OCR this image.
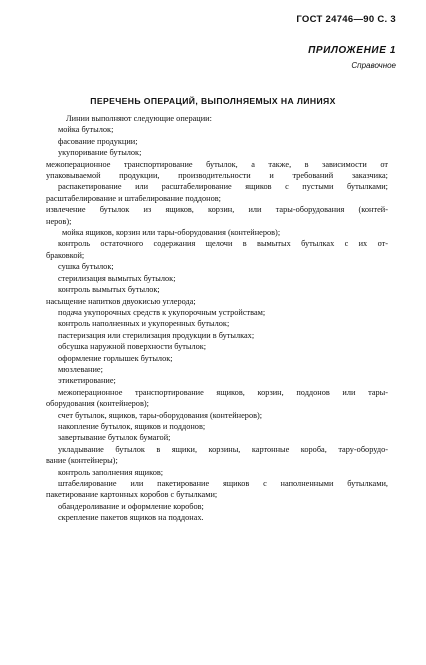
ГОСТ 24746—90 С. 3
ПРИЛОЖЕНИЕ 1
Справочное
ПЕРЕЧЕНЬ ОПЕРАЦИЙ, ВЫПОЛНЯЕМЫХ НА ЛИНИЯХ
Линии выполняют следующие операции:
мойка бутылок;
фасование продукции;
укупоривание бутылок;
межоперационное транспортирование бутылок, а также, в зависимости от
упаковываемой продукции, производительности и требований заказчика;
распакетирование или расштабелирование ящиков с пустыми бутылками;
расштабелирование и штабелирование поддонов;
извлечение бутылок из ящиков, корзин, или тары-оборудования (контей-
неров);
мойка ящиков, корзин или тары-оборудования (контейнеров);
контроль остаточного содержания щелочи в вымытых бутылках с их от-
браковкой;
сушка бутылок;
стерилизация вымытых бутылок;
контроль вымытых бутылок;
насыщение напитков двуокисью углерода;
подача укупорочных средств к укупорочным устройствам;
контроль наполненных и укупоренных бутылок;
пастеризация или стерилизация продукции в бутылках;
обсушка наружной поверхности бутылок;
оформление горлышек бутылок;
мюзлевание;
этикетирование;
межоперационное транспортирование ящиков, корзин, поддонов или тары-
оборудования (контейнеров);
счет бутылок, ящиков, тары-оборудования (контейнеров);
накопление бутылок, ящиков и поддонов;
завертывание бутылок бумагой;
укладывание бутылок в ящики, корзины, картонные короба, тару-оборудо-
вание (контейнеры);
контроль заполнения ящиков;
штабелирование или пакетирование ящиков с наполненными бутылками,
пакетирование картонных коробов с бутылками;
обандероливание и оформление коробов;
скрепление пакетов ящиков на поддонах.
